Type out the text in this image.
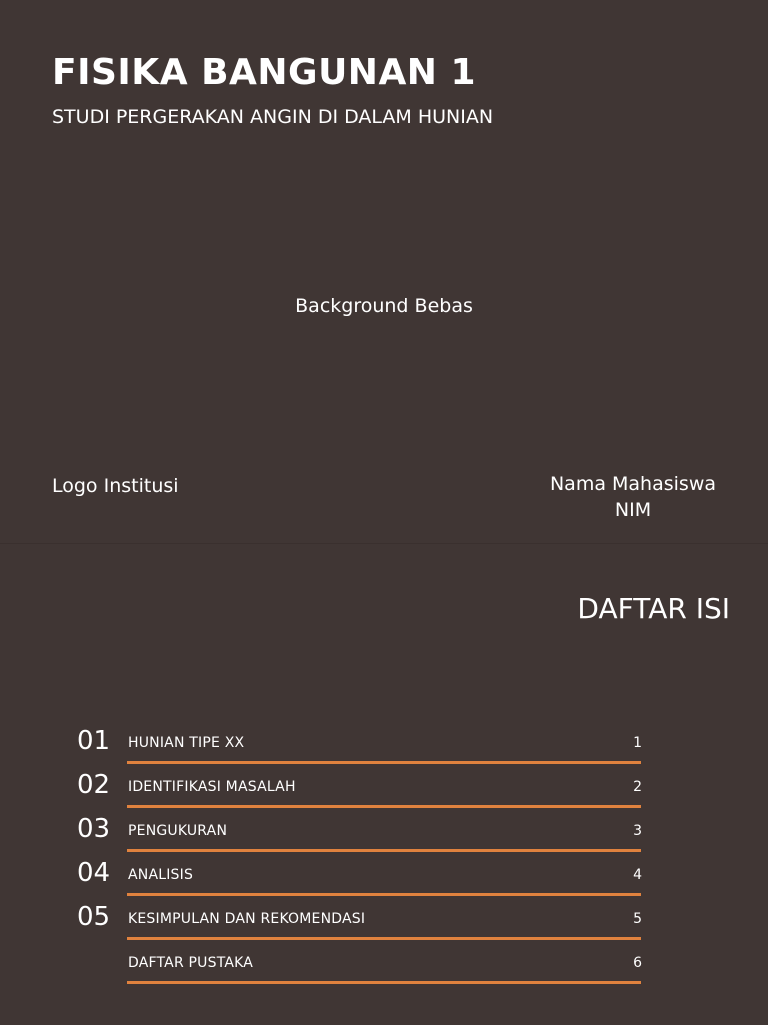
FISIKA BANGUNAN 1
STUDI PERGERAKAN ANGIN DI DALAM HUNIAN
Background Bebas
Logo Institusi	Nama Mahasiswa
NIM
DAFTAR ISI
01 HUNIAN TIPE XX	1
02 IDENTIFIKASI MASALAH	2
03 PENGUKURAN	3
04 ANALISIS	4
05 KESIMPULAN DAN REKOMENDASI	5
DAFTAR PUSTAKA	6
